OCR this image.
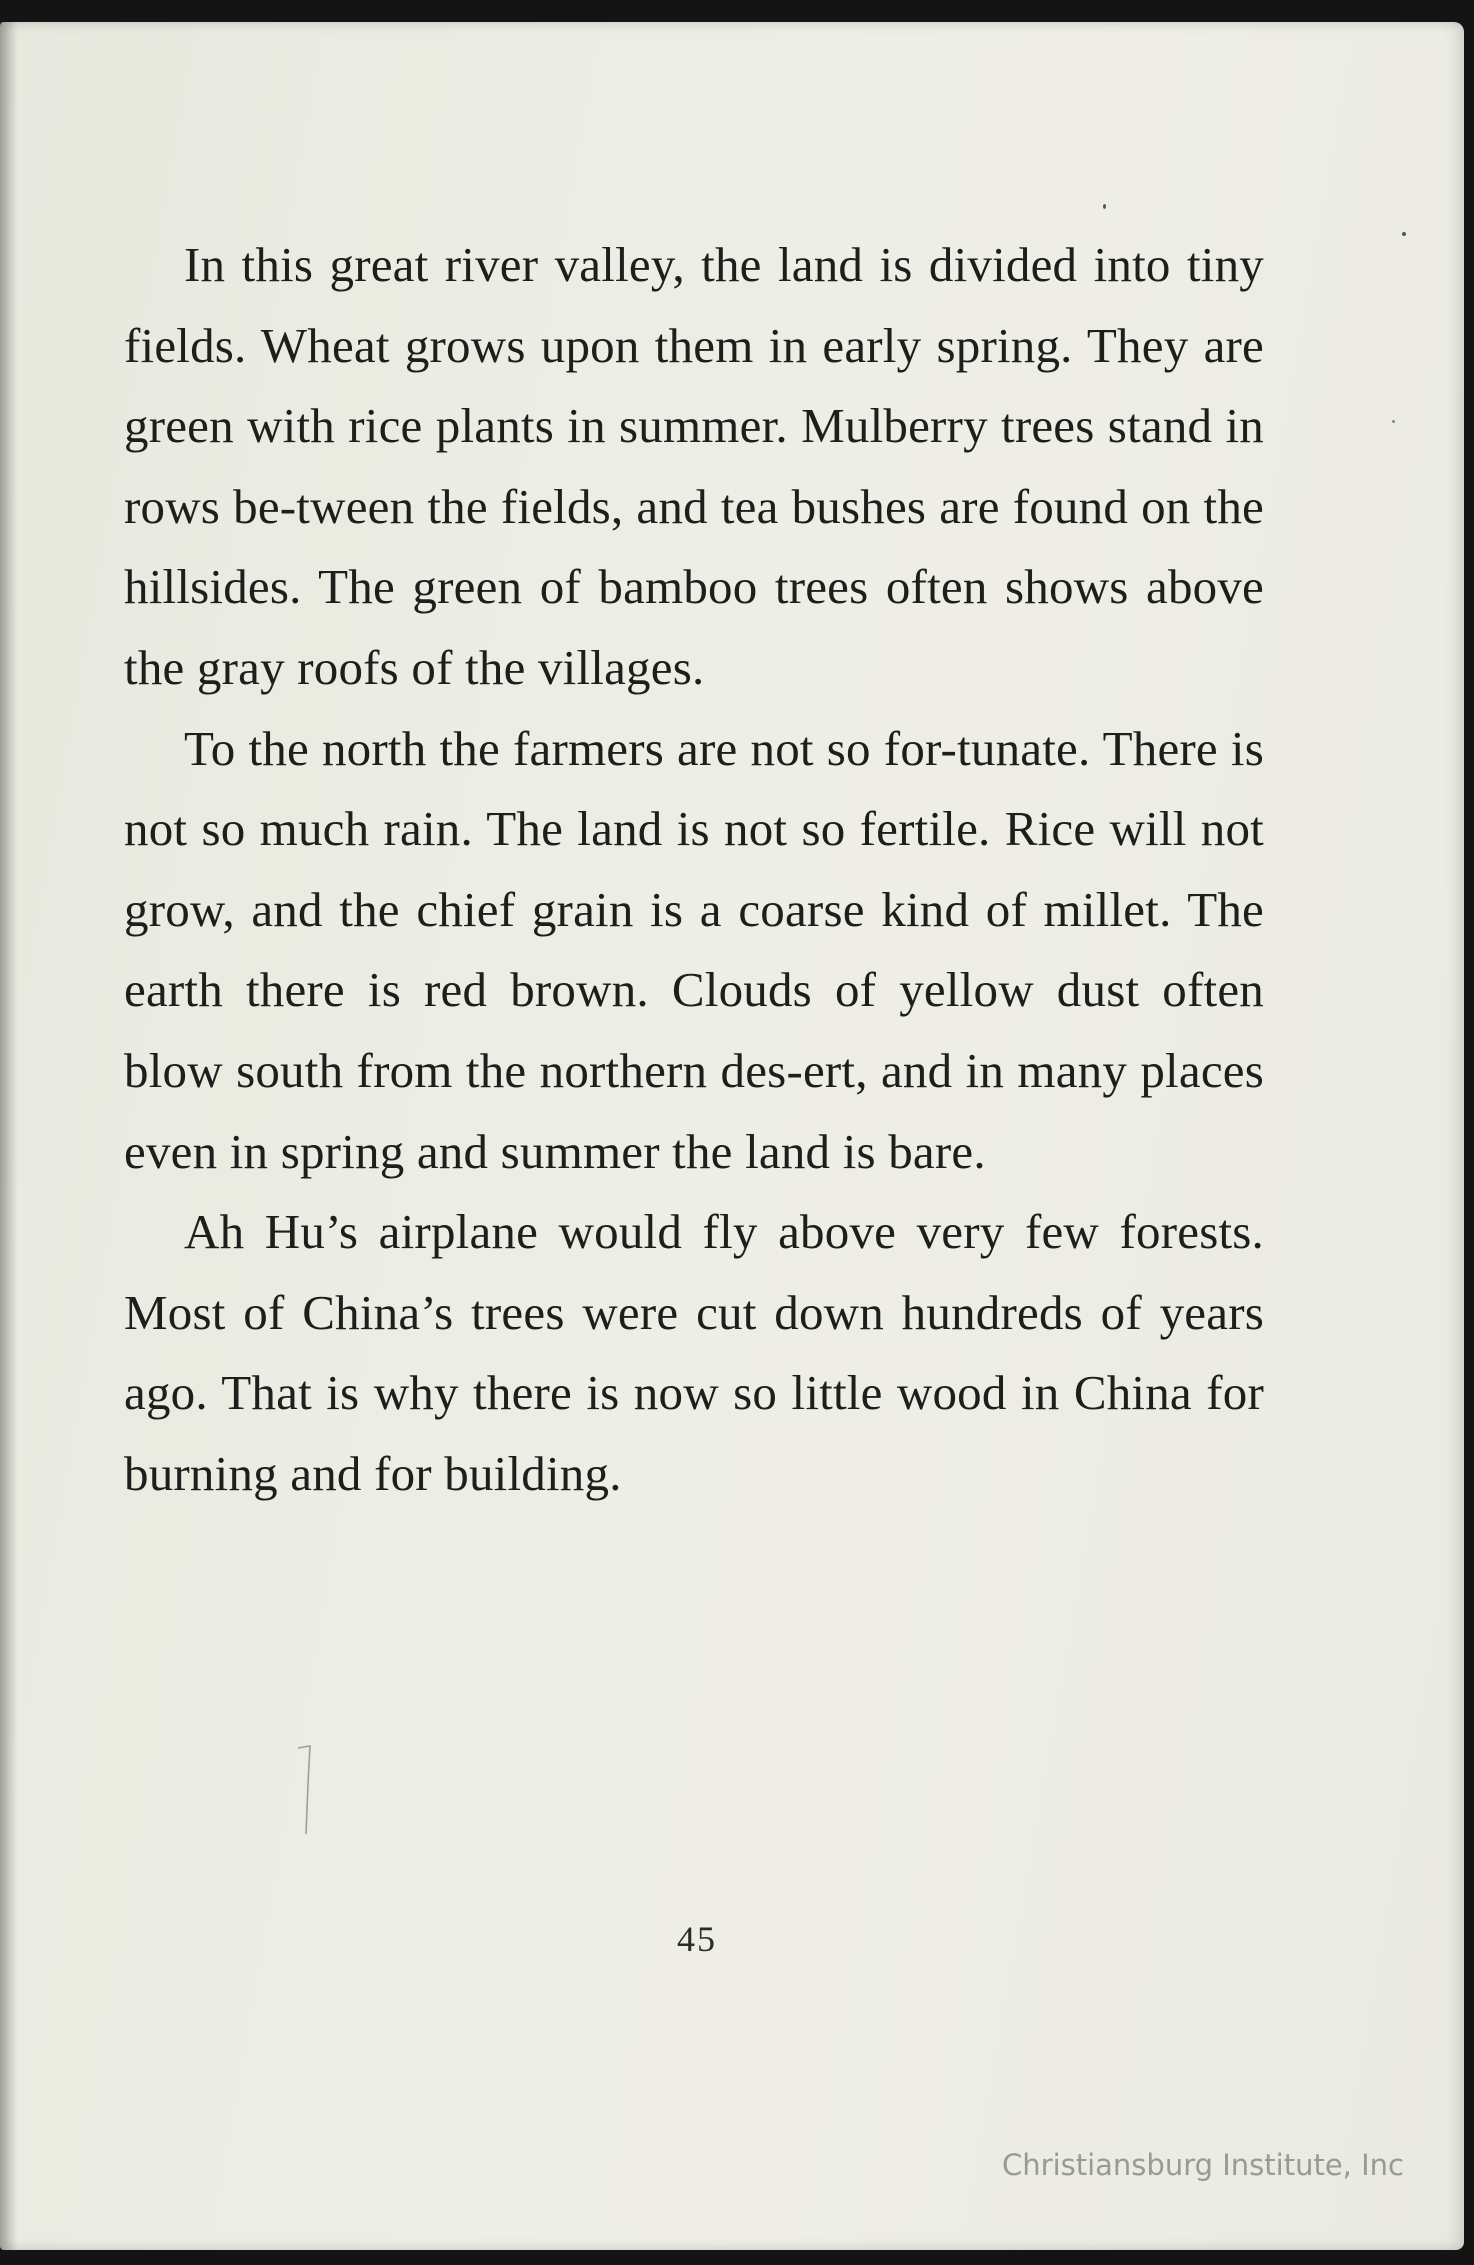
In this great river valley, the land is divided into tiny fields. Wheat grows upon them in early spring. They are green with rice plants in summer. Mulberry trees stand in rows be-tween the fields, and tea bushes are found on the hillsides. The green of bamboo trees often shows above the gray roofs of the villages.

To the north the farmers are not so for-tunate. There is not so much rain. The land is not so fertile. Rice will not grow, and the chief grain is a coarse kind of millet. The earth there is red brown. Clouds of yellow dust often blow south from the northern des-ert, and in many places even in spring and summer the land is bare.

Ah Hu’s airplane would fly above very few forests. Most of China’s trees were cut down hundreds of years ago. That is why there is now so little wood in China for burning and for building.

45
Christiansburg Institute, Inc
